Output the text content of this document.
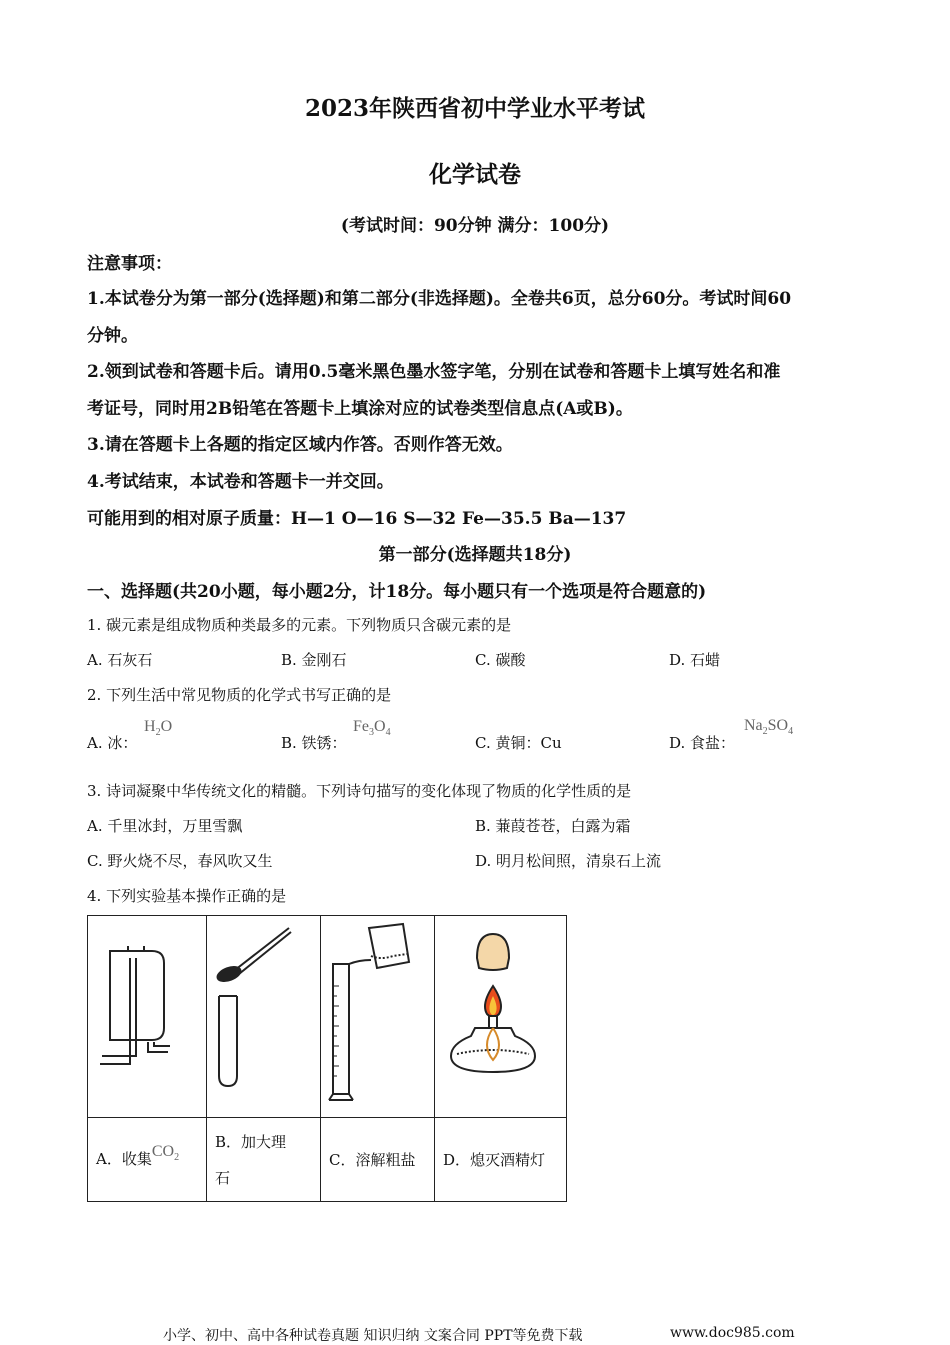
2023年陕西省初中学业水平考试
化学试卷
(考试时间：90分钟 满分：100分)
注意事项：
1.本试卷分为第一部分(选择题)和第二部分(非选择题)。全卷共6页，总分60分。考试时间60
分钟。
2.领到试卷和答题卡后。请用0.5毫米黑色墨水签字笔，分别在试卷和答题卡上填写姓名和准
考证号，同时用2B铅笔在答题卡上填涂对应的试卷类型信息点(A或B)。
3.请在答题卡上各题的指定区域内作答。否则作答无效。
4.考试结束，本试卷和答题卡一并交回。
可能用到的相对原子质量：H—1 O—16 S—32 Fe—35.5 Ba—137
第一部分(选择题共18分)
一、选择题(共20小题，每小题2分，计18分。每小题只有一个选项是符合题意的)
1. 碳元素是组成物质种类最多的元素。下列物质只含碳元素的是
A. 石灰石	B. 金刚石	C. 碳酸	D. 石蜡
2. 下列生活中常见物质的化学式书写正确的是
A. 冰：
$H_2O$
B. 铁锈：
$Fe_3O_4$
C. 黄铜：Cu	D. 食盐：
$Na_2SO_4$
3. 诗词凝聚中华传统文化的精髓。下列诗句描写的变化体现了物质的化学性质的是
A. 千里冰封，万里雪飘	B. 蒹葭苍苍，白露为霜
C. 野火烧不尽，春风吹又生	D. 明月松间照，清泉石上流
4. 下列实验基本操作正确的是

A．收集$CO_2$	B．加大理
石	C．溶解粗盐	D．熄灭酒精灯
小学、初中、高中各种试卷真题 知识归纳 文案合同 PPT等免费下载	www.doc985.com
